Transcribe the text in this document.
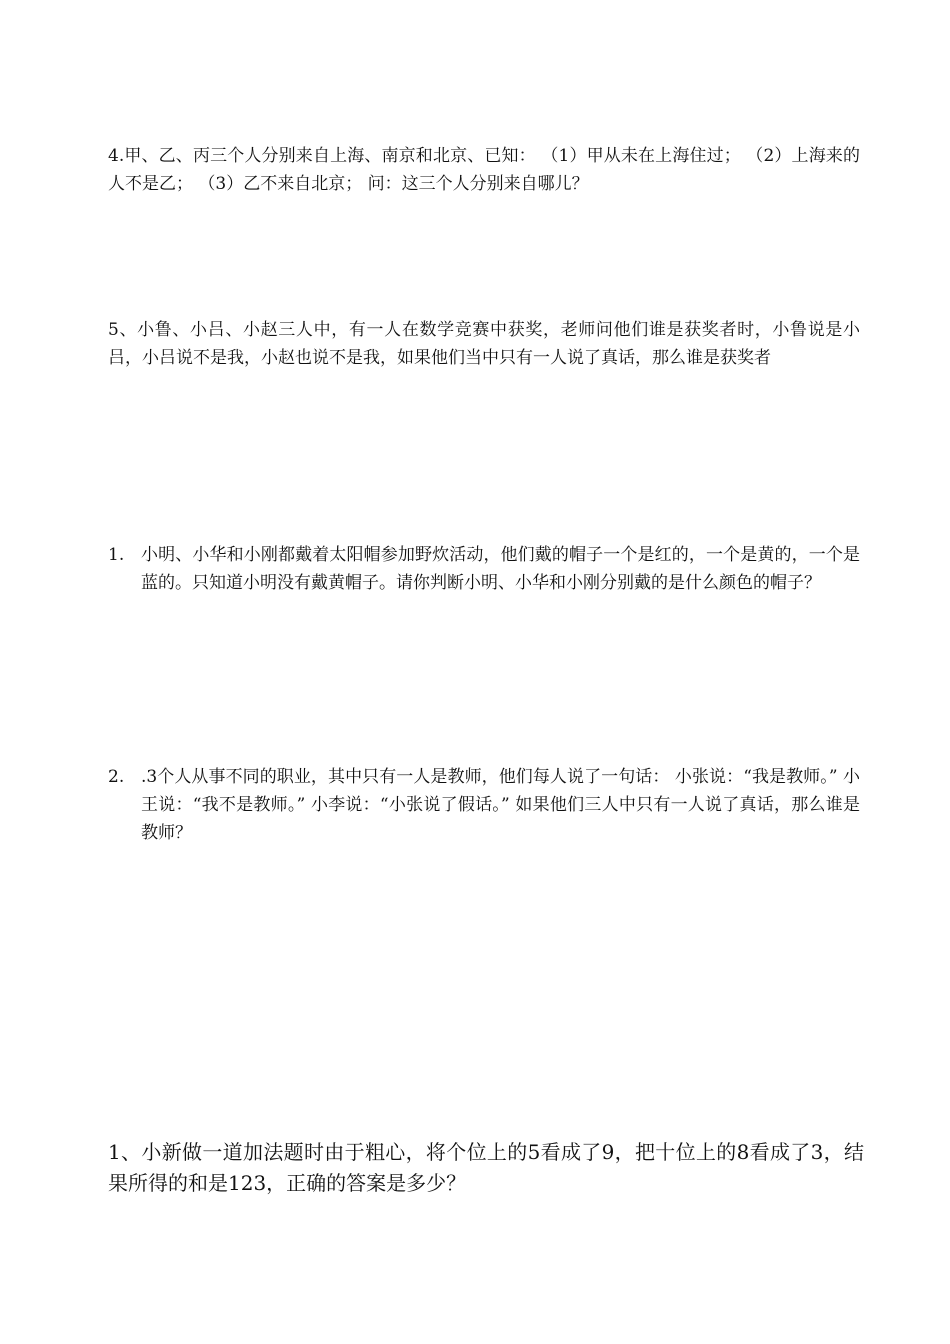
4.甲、乙、丙三个人分别来自上海、南京和北京、已知： （1）甲从未在上海住过； （2）上海来的人不是乙； （3）乙不来自北京； 问：这三个人分别来自哪儿？
5、小鲁、小吕、小赵三人中，有一人在数学竞赛中获奖，老师问他们谁是获奖者时，小鲁说是小吕，小吕说不是我，小赵也说不是我，如果他们当中只有一人说了真话，那么谁是获奖者
1. 小明、小华和小刚都戴着太阳帽参加野炊活动，他们戴的帽子一个是红的，一个是黄的，一个是蓝的。只知道小明没有戴黄帽子。请你判断小明、小华和小刚分别戴的是什么颜色的帽子？
2. .3个人从事不同的职业，其中只有一人是教师，他们每人说了一句话： 小张说：“我是教师。” 小王说：“我不是教师。” 小李说：“小张说了假话。” 如果他们三人中只有一人说了真话，那么谁是教师？
1、小新做一道加法题时由于粗心，将个位上的5看成了9，把十位上的8看成了3，结果所得的和是123，正确的答案是多少？
